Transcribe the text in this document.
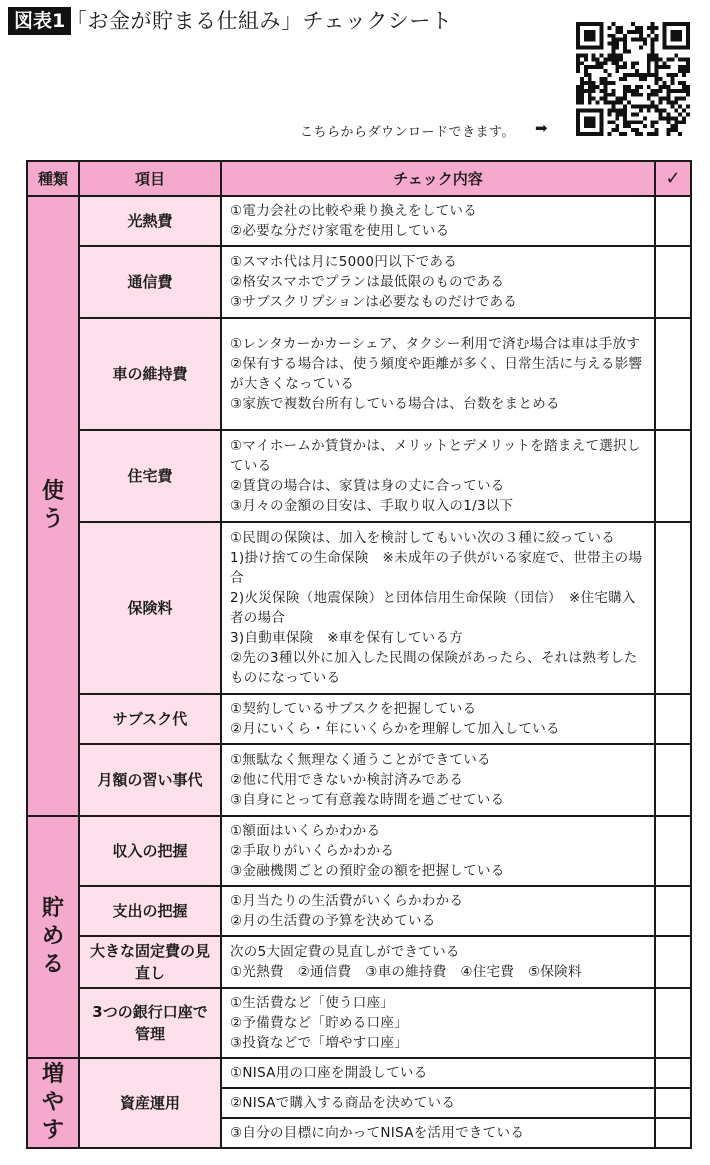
図表1 「お金が貯まる仕組み」チェックシート
こちらからダウンロードできます。 ➡
種類	項目	チェック内容	✓
使う	光熱費	①電力会社の比較や乗り換えをしている
②必要な分だけ家電を使用している	

	通信費	①スマホ代は月に5000円以下である
②格安スマホでプランは最低限のものである
③サブスクリプションは必要なものだけである	

	車の維持費	①レンタカーかカーシェア、タクシー利用で済む場合は車は手放す
②保有する場合は、使う頻度や距離が多く、日常生活に与える影響が大きくなっている
③家族で複数台所有している場合は、台数をまとめる	

	住宅費	①マイホームか賃貸かは、メリットとデメリットを踏まえて選択している
②賃貸の場合は、家賃は身の丈に合っている
③月々の金額の目安は、手取り収入の1/3以下	

	保険料	①民間の保険は、加入を検討してもいい次の３種に絞っている
1)掛け捨ての生命保険　※未成年の子供がいる家庭で、世帯主の場合
2)火災保険（地震保険）と団体信用生命保険（団信）　※住宅購入者の場合
3)自動車保険　※車を保有している方
②先の3種以外に加入した民間の保険があったら、それは熟考したものになっている	

	サブスク代	①契約しているサブスクを把握している
②月にいくら・年にいくらかを理解して加入している	

	月額の習い事代	①無駄なく無理なく通うことができている
②他に代用できないか検討済みである
③自身にとって有意義な時間を過ごせている	

貯める	収入の把握	①額面はいくらかわかる
②手取りがいくらかわかる
③金融機関ごとの預貯金の額を把握している	

	支出の把握	①月当たりの生活費がいくらかわかる
②月の生活費の予算を決めている	

	大きな固定費の見直し	次の5大固定費の見直しができている
①光熱費　②通信費　③車の維持費　④住宅費　⑤保険料	

	3つの銀行口座で管理	①生活費など「使う口座」
②予備費など「貯める口座」
③投資などで「増やす口座」	

増やす	資産運用	①NISA用の口座を開設している	

		②NISAで購入する商品を決めている	

		③自分の目標に向かってNISAを活用できている	
